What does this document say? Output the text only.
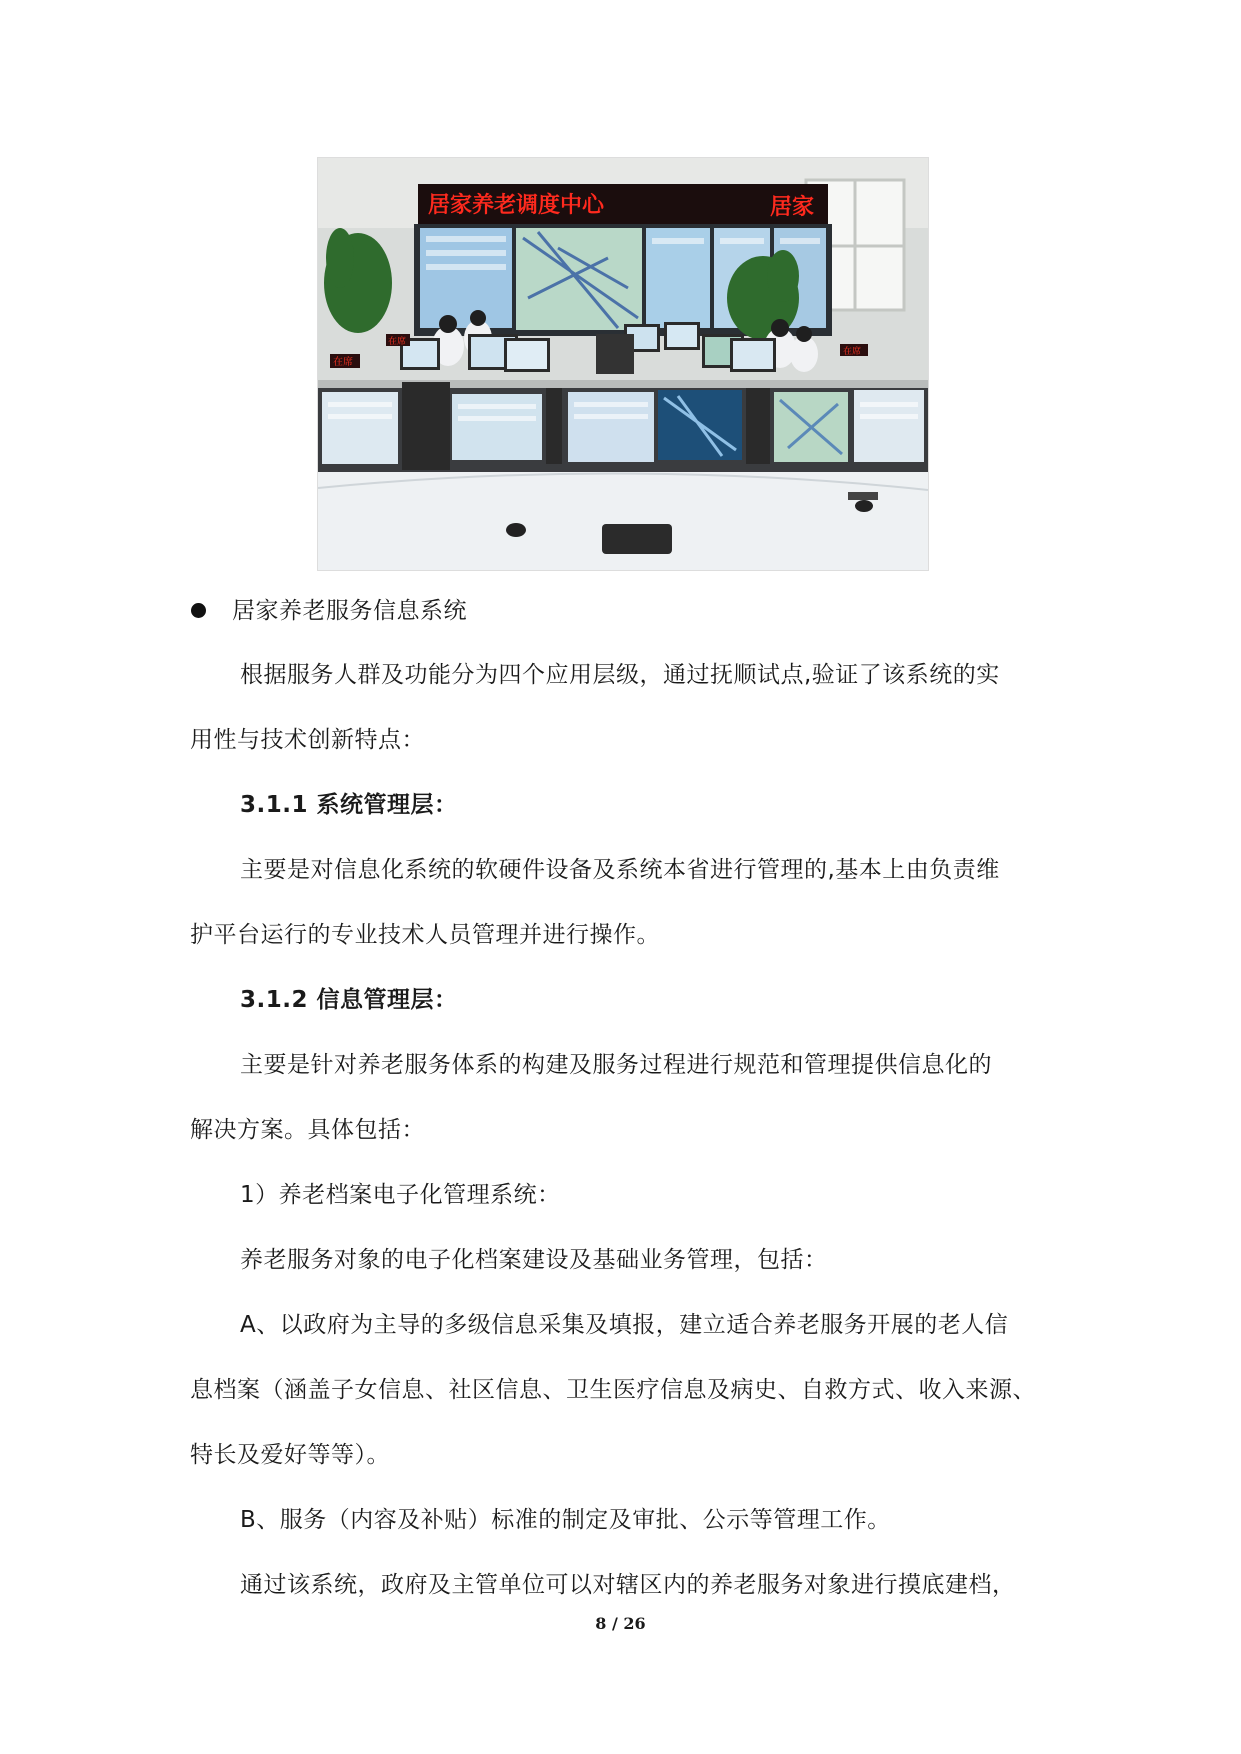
居家养老调度中心	居家
在席
在席
在席
居家养老服务信息系统
根据服务人群及功能分为四个应用层级，通过抚顺试点,验证了该系统的实
用性与技术创新特点：
3.1.1 系统管理层：
主要是对信息化系统的软硬件设备及系统本省进行管理的,基本上由负责维
护平台运行的专业技术人员管理并进行操作。
3.1.2 信息管理层：
主要是针对养老服务体系的构建及服务过程进行规范和管理提供信息化的
解决方案。具体包括：
1）养老档案电子化管理系统：
养老服务对象的电子化档案建设及基础业务管理，包括：
A、以政府为主导的多级信息采集及填报，建立适合养老服务开展的老人信
息档案（涵盖子女信息、社区信息、卫生医疗信息及病史、自救方式、收入来源、
特长及爱好等等）。
B、服务（内容及补贴）标准的制定及审批、公示等管理工作。
通过该系统，政府及主管单位可以对辖区内的养老服务对象进行摸底建档，
8 / 26
